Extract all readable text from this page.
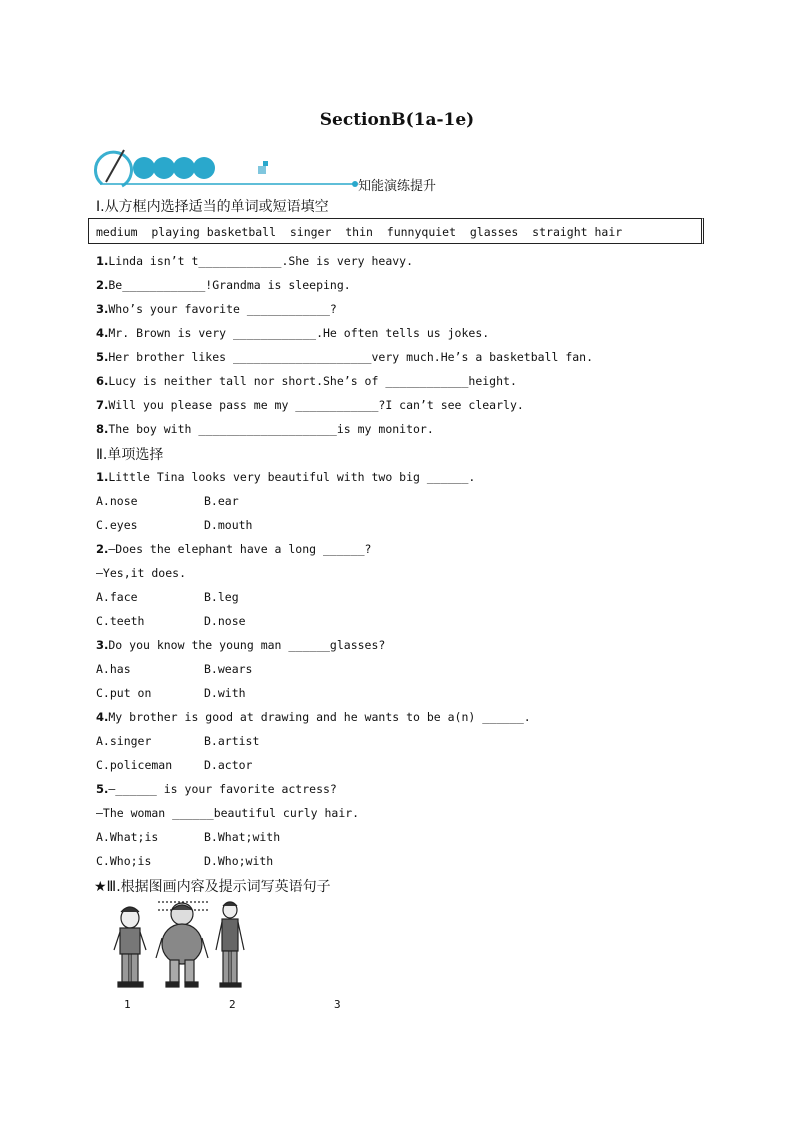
SectionB(1a-1e)
知能演练提升
Ⅰ.从方框内选择适当的单词或短语填空
medium  playing basketball  singer  thin  funnyquiet  glasses  straight hair
1.Linda isn’t t____________.She is very heavy.
2.Be____________!Grandma is sleeping.
3.Who’s your favorite ____________?
4.Mr. Brown is very ____________.He often tells us jokes.
5.Her brother likes ____________________very much.He’s a basketball fan.
6.Lucy is neither tall nor short.She’s of ____________height.
7.Will you please pass me my ____________?I can’t see clearly.
8.The boy with ____________________is my monitor.
Ⅱ.单项选择
1.Little Tina looks very beautiful with two big ______.
A.nose	B.ear
C.eyes	D.mouth
2.—Does the elephant have a long ______?
—Yes,it does.
A.face	B.leg
C.teeth	D.nose
3.Do you know the young man ______glasses?
A.has	B.wears
C.put on	D.with
4.My brother is good at drawing and he wants to be a(n) ______.
A.singer	B.artist
C.policeman	D.actor
5.—______ is your favorite actress?
—The woman ______beautiful curly hair.
A.What;is	B.What;with
C.Who;is	D.Who;with
★Ⅲ.根据图画内容及提示词写英语句子
1	2	3
